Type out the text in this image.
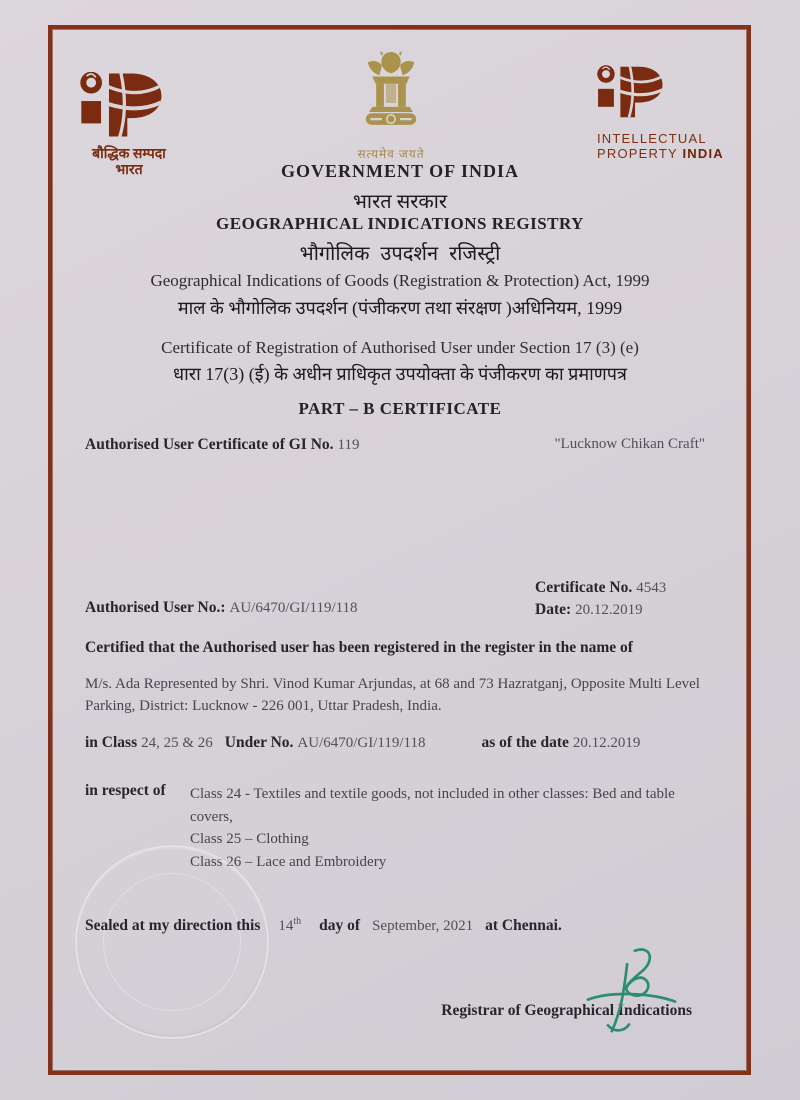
बौद्धिक सम्पदा
भारत
सत्यमेव जयते
INTELLECTUAL
PROPERTY INDIA
GOVERNMENT OF INDIA
भारत सरकार
GEOGRAPHICAL INDICATIONS REGISTRY
भौगोलिक उपदर्शन रजिस्ट्री
Geographical Indications of Goods (Registration & Protection) Act, 1999
माल के भौगोलिक उपदर्शन (पंजीकरण तथा संरक्षण )अधिनियम, 1999
Certificate of Registration of Authorised User under Section 17 (3) (e)
धारा 17(3) (ई) के अधीन प्राधिकृत उपयोक्ता के पंजीकरण का प्रमाणपत्र
PART – B CERTIFICATE
Authorised User Certificate of GI No. 119	"Lucknow Chikan Craft"
Certificate No. 4543
Date: 20.12.2019
Authorised User No.: AU/6470/GI/119/118
Certified that the Authorised user has been registered in the register in the name of
M/s. Ada Represented by Shri. Vinod Kumar Arjundas, at 68 and 73 Hazratganj, Opposite Multi Level Parking, District: Lucknow - 226 001, Uttar Pradesh, India.
in Class 24, 25 & 26 Under No. AU/6470/GI/119/118	as of the date 20.12.2019
in respect of Class 24 - Textiles and textile goods, not included in other classes: Bed and table covers,
Class 25 – Clothing
Class 26 – Lace and Embroidery
Sealed at my direction this 14th day of September, 2021 at Chennai.
Registrar of Geographical Indications
